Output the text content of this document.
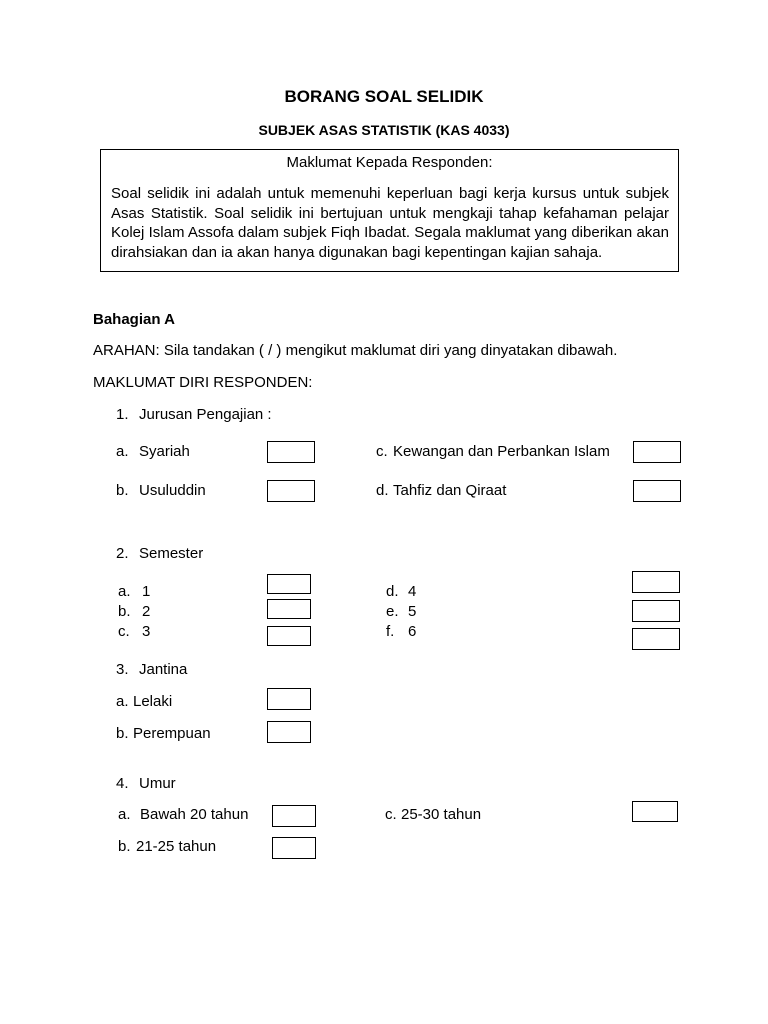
BORANG SOAL SELIDIK
SUBJEK ASAS STATISTIK (KAS 4033)
Maklumat Kepada Responden:
Soal selidik ini adalah untuk memenuhi keperluan bagi kerja kursus untuk subjek Asas Statistik. Soal selidik ini bertujuan untuk mengkaji tahap kefahaman pelajar Kolej Islam Assofa dalam subjek Fiqh Ibadat. Segala maklumat yang diberikan akan dirahsiakan dan ia akan hanya digunakan bagi kepentingan kajian sahaja.
Bahagian A
ARAHAN: Sila tandakan ( / ) mengikut maklumat diri yang dinyatakan dibawah.
MAKLUMAT DIRI RESPONDEN:
1. Jurusan Pengajian :
a. Syariah
b. Usuluddin
c. Kewangan dan Perbankan Islam
d. Tahfiz dan Qiraat
2. Semester
a. 1
b. 2
c. 3
d. 4
e. 5
f. 6
3. Jantina
a. Lelaki
b. Perempuan
4. Umur
a. Bawah 20 tahun
b. 21-25 tahun
c. 25-30 tahun
